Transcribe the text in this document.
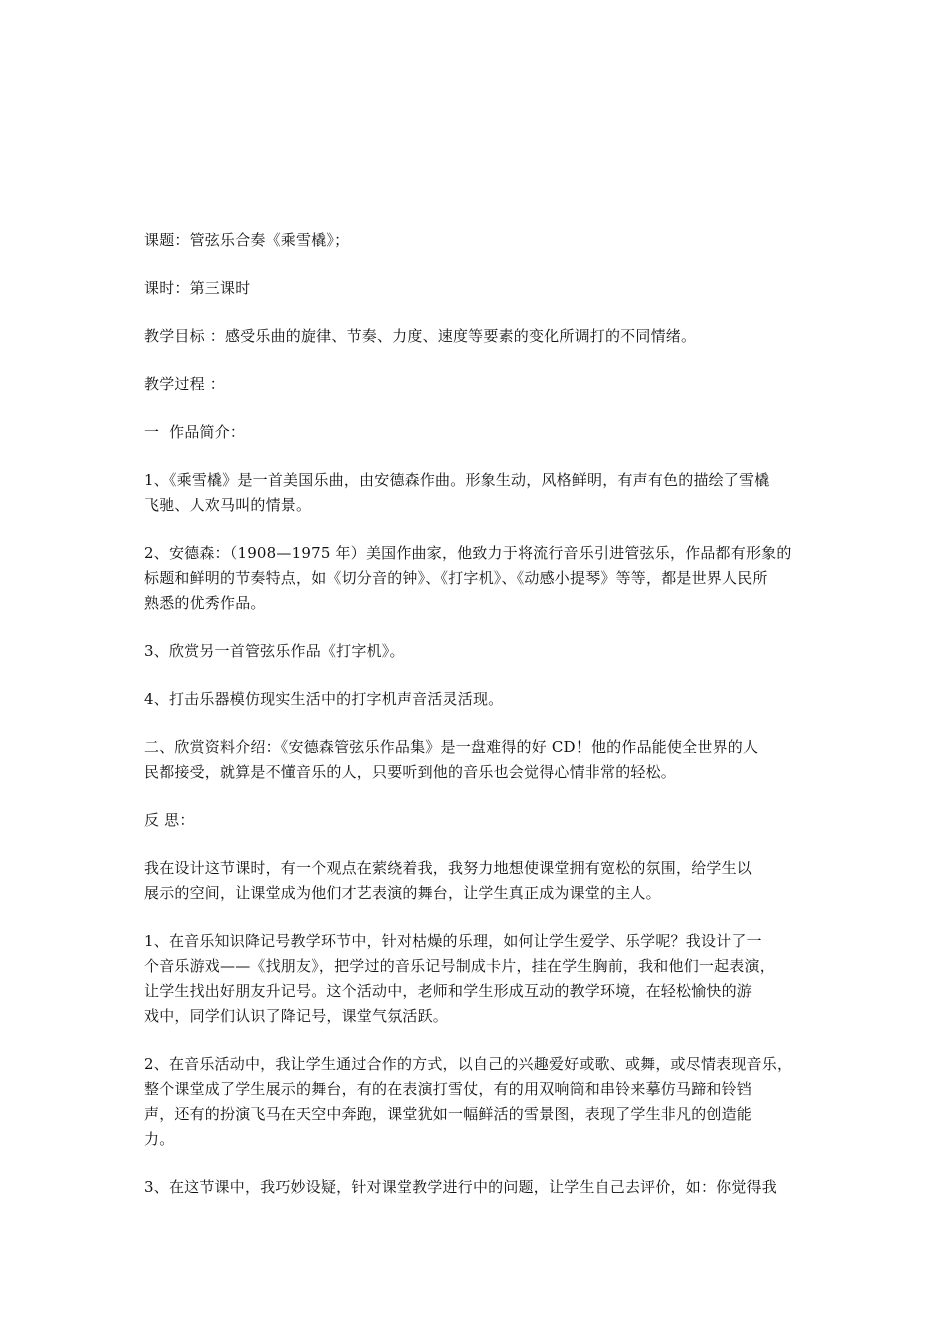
课题：管弦乐合奏《乘雪橇》；
课时：第三课时
教学目标 ：感受乐曲的旋律、节奏、力度、速度等要素的变化所调打的不同情绪。
教学过程 ：
一  作品简介：
1、《乘雪橇》是一首美国乐曲，由安德森作曲。形象生动，风格鲜明，有声有色的描绘了雪橇
飞驰、人欢马叫的情景。
2、安德森：（1908—1975 年）美国作曲家，他致力于将流行音乐引进管弦乐，作品都有形象的
标题和鲜明的节奏特点，如《切分音的钟》、《打字机》、《动感小提琴》等等，都是世界人民所
熟悉的优秀作品。
3、欣赏另一首管弦乐作品《打字机》。
4、打击乐器模仿现实生活中的打字机声音活灵活现。
二、欣赏资料介绍：《安德森管弦乐作品集》是一盘难得的好 CD！他的作品能使全世界的人
民都接受，就算是不懂音乐的人，只要听到他的音乐也会觉得心情非常的轻松。
反 思：
我在设计这节课时，有一个观点在萦绕着我，我努力地想使课堂拥有宽松的氛围，给学生以
展示的空间，让课堂成为他们才艺表演的舞台，让学生真正成为课堂的主人。
1、在音乐知识降记号教学环节中，针对枯燥的乐理，如何让学生爱学、乐学呢？我设计了一
个音乐游戏——《找朋友》，把学过的音乐记号制成卡片，挂在学生胸前，我和他们一起表演，
让学生找出好朋友升记号。这个活动中，老师和学生形成互动的教学环境，在轻松愉快的游
戏中，同学们认识了降记号，课堂气氛活跃。
2、在音乐活动中，我让学生通过合作的方式，以自己的兴趣爱好或歌、或舞，或尽情表现音乐，
整个课堂成了学生展示的舞台，有的在表演打雪仗，有的用双响筒和串铃来摹仿马蹄和铃铛
声，还有的扮演飞马在天空中奔跑，课堂犹如一幅鲜活的雪景图，表现了学生非凡的创造能
力。
3、在这节课中，我巧妙设疑，针对课堂教学进行中的问题，让学生自己去评价，如：你觉得我
